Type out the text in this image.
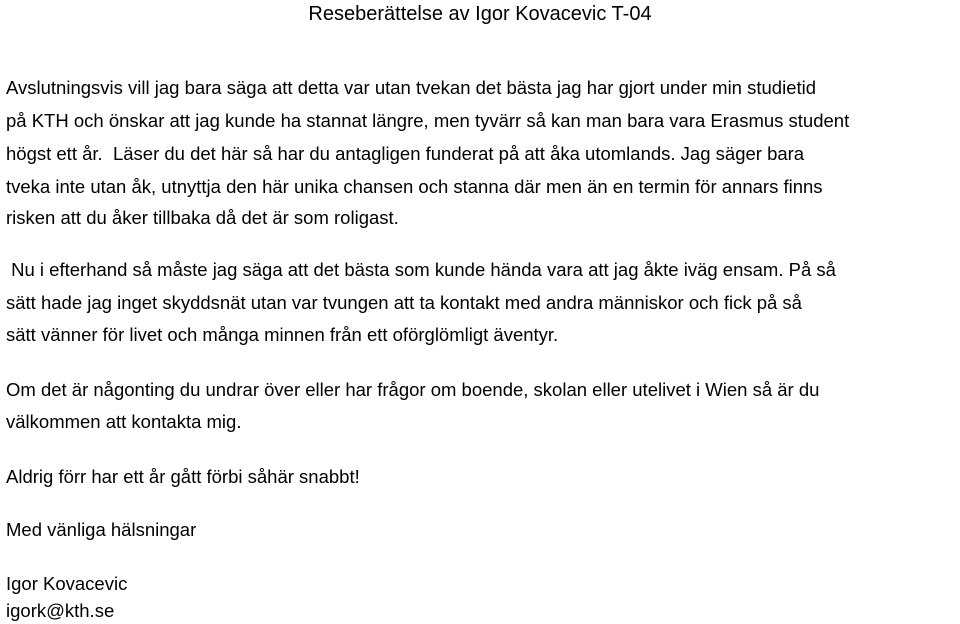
Reseberättelse av Igor Kovacevic T-04
Avslutningsvis vill jag bara säga att detta var utan tvekan det bästa jag har gjort under min studietid
på KTH och önskar att jag kunde ha stannat längre, men tyvärr så kan man bara vara Erasmus student
högst ett år.  Läser du det här så har du antagligen funderat på att åka utomlands. Jag säger bara
tveka inte utan åk, utnyttja den här unika chansen och stanna där men än en termin för annars finns
risken att du åker tillbaka då det är som roligast.
Nu i efterhand så måste jag säga att det bästa som kunde hända vara att jag åkte iväg ensam. På så
sätt hade jag inget skyddsnät utan var tvungen att ta kontakt med andra människor och fick på så
sätt vänner för livet och många minnen från ett oförglömligt äventyr.
Om det är någonting du undrar över eller har frågor om boende, skolan eller utelivet i Wien så är du
välkommen att kontakta mig.
Aldrig förr har ett år gått förbi såhär snabbt!
Med vänliga hälsningar
Igor Kovacevic
igork@kth.se
